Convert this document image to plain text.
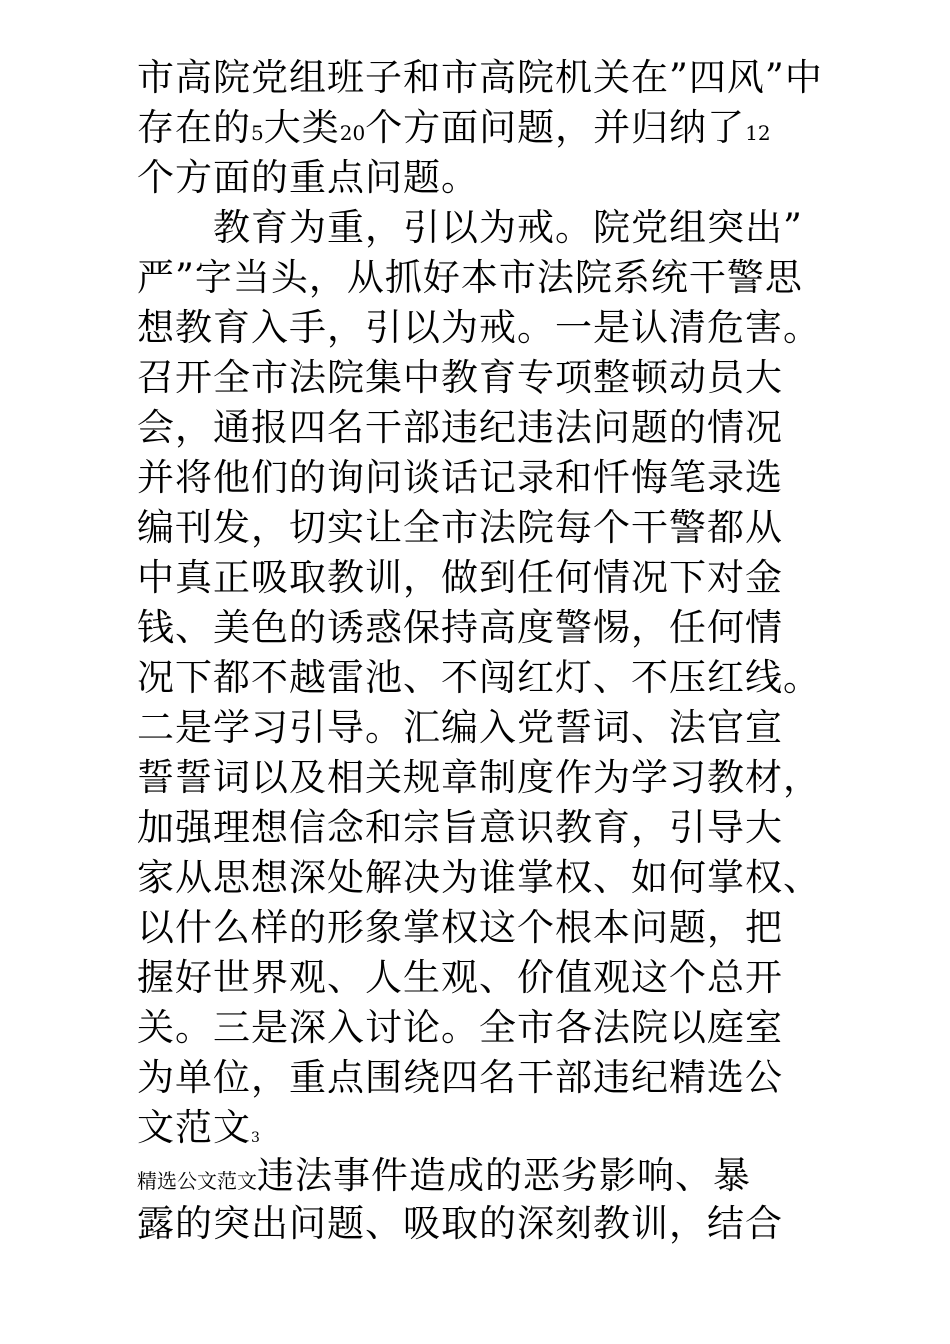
市高院党组班子和市高院机关在”四风”中
存在的5大类20个方面问题，并归纳了12
个方面的重点问题。
　　教育为重，引以为戒。院党组突出”
严”字当头，从抓好本市法院系统干警思
想教育入手，引以为戒。一是认清危害。
召开全市法院集中教育专项整顿动员大
会，通报四名干部违纪违法问题的情况
并将他们的询问谈话记录和忏悔笔录选
编刊发，切实让全市法院每个干警都从
中真正吸取教训，做到任何情况下对金
钱、美色的诱惑保持高度警惕，任何情
况下都不越雷池、不闯红灯、不压红线。
二是学习引导。汇编入党誓词、法官宣
誓誓词以及相关规章制度作为学习教材，
加强理想信念和宗旨意识教育，引导大
家从思想深处解决为谁掌权、如何掌权、
以什么样的形象掌权这个根本问题，把
握好世界观、人生观、价值观这个总开
关。三是深入讨论。全市各法院以庭室
为单位，重点围绕四名干部违纪精选公
文范文3
精选公文范文违法事件造成的恶劣影响、暴
露的突出问题、吸取的深刻教训，结合
